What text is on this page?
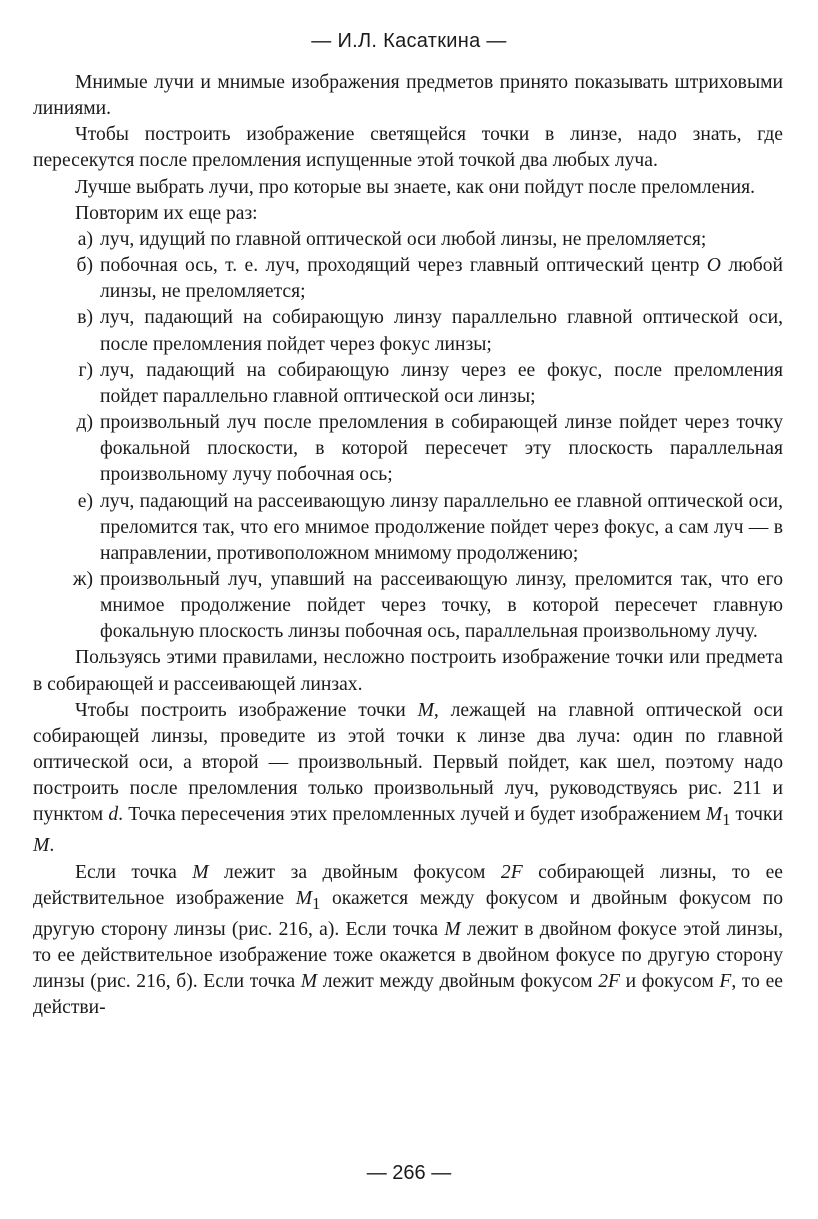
— И.Л. Касаткина —

Мнимые лучи и мнимые изображения предметов принято показывать штриховыми линиями.

Чтобы построить изображение светящейся точки в линзе, надо знать, где пересекутся после преломления испущенные этой точкой два любых луча.

Лучше выбрать лучи, про которые вы знаете, как они пойдут после преломления.

Повторим их еще раз:

а) луч, идущий по главной оптической оси любой линзы, не преломляется;
б) побочная ось, т. е. луч, проходящий через главный оптический центр O любой линзы, не преломляется;
в) луч, падающий на собирающую линзу параллельно главной оптической оси, после преломления пойдет через фокус линзы;
г) луч, падающий на собирающую линзу через ее фокус, после преломления пойдет параллельно главной оптической оси линзы;
д) произвольный луч после преломления в собирающей линзе пойдет через точку фокальной плоскости, в которой пересечет эту плоскость параллельная произвольному лучу побочная ось;
е) луч, падающий на рассеивающую линзу параллельно ее главной оптической оси, преломится так, что его мнимое продолжение пойдет через фокус, а сам луч — в направлении, противоположном мнимому продолжению;
ж) произвольный луч, упавший на рассеивающую линзу, преломится так, что его мнимое продолжение пойдет через точку, в которой пересечет главную фокальную плоскость линзы побочная ось, параллельная произвольному лучу.

Пользуясь этими правилами, несложно построить изображение точки или предмета в собирающей и рассеивающей линзах.

Чтобы построить изображение точки M, лежащей на главной оптической оси собирающей линзы, проведите из этой точки к линзе два луча: один по главной оптической оси, а второй — произвольный. Первый пойдет, как шел, поэтому надо построить после преломления только произвольный луч, руководствуясь рис. 211 и пунктом d. Точка пересечения этих преломленных лучей и будет изображением $M_1$ точки M.

Если точка M лежит за двойным фокусом 2F собирающей лизны, то ее действительное изображение $M_1$ окажется между фокусом и двойным фокусом по другую сторону линзы (рис. 216, а). Если точка M лежит в двойном фокусе этой линзы, то ее действительное изображение тоже окажется в двойном фокусе по другую сторону линзы (рис. 216, б). Если точка M лежит между двойным фокусом 2F и фокусом F, то ее действи-

— 266 —
